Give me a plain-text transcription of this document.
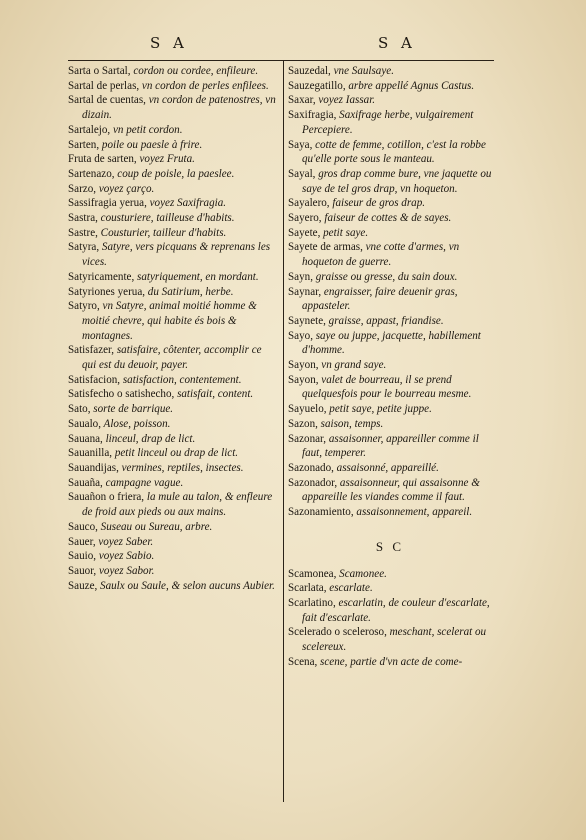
S A	S A
Sarta o Sartal, cordon ou cordee, enfileure.
Sartal de perlas, vn cordon de perles enfilees.
Sartal de cuentas, vn cordon de patenostres, vn dizain.
Sartalejo, vn petit cordon.
Sarten, poile ou paesle à frire.
Fruta de sarten, voyez Fruta.
Sartenazo, coup de poisle, la paeslee.
Sarzo, voyez çarço.
Sassifragia yerua, voyez Saxifragia.
Sastra, cousturiere, tailleuse d'habits.
Sastre, Cousturier, tailleur d'habits.
Satyra, Satyre, vers picquans & reprenans les vices.
Satyricamente, satyriquement, en mordant.
Satyriones yerua, du Satirium, herbe.
Satyro, vn Satyre, animal moitié homme & moitié chevre, qui habite és bois & montagnes.
Satisfazer, satisfaire, côtenter, accomplir ce qui est du deuoir, payer.
Satisfacion, satisfaction, contentement.
Satisfecho o satishecho, satisfait, content.
Sato, sorte de barrique.
Saualo, Alose, poisson.
Sauana, linceul, drap de lict.
Sauanilla, petit linceul ou drap de lict.
Sauandijas, vermines, reptiles, insectes.
Sauaña, campagne vague.
Sauañon o friera, la mule au talon, & enfleure de froid aux pieds ou aux mains.
Sauco, Suseau ou Sureau, arbre.
Sauer, voyez Saber.
Sauio, voyez Sabio.
Sauor, voyez Sabor.
Sauze, Saulx ou Saule, & selon aucuns Aubier.
Sauzedal, vne Saulsaye.
Sauzegatillo, arbre appellé Agnus Castus.
Saxar, voyez Iassar.
Saxifragia, Saxifrage herbe, vulgairement Percepiere.
Saya, cotte de femme, cotillon, c'est la robbe qu'elle porte sous le manteau.
Sayal, gros drap comme bure, vne jaquette ou saye de tel gros drap, vn hoqueton.
Sayalero, faiseur de gros drap.
Sayero, faiseur de cottes & de sayes.
Sayete, petit saye.
Sayete de armas, vne cotte d'armes, vn hoqueton de guerre.
Sayn, graisse ou gresse, du sain doux.
Saynar, engraisser, faire deuenir gras, appasteler.
Saynete, graisse, appast, friandise.
Sayo, saye ou juppe, jacquette, habillement d'homme.
Sayon, vn grand saye.
Sayon, valet de bourreau, il se prend quelquesfois pour le bourreau mesme.
Sayuelo, petit saye, petite juppe.
Sazon, saison, temps.
Sazonar, assaisonner, appareiller comme il faut, temperer.
Sazonado, assaisonné, appareillé.
Sazonador, assaisonneur, qui assaisonne & appareille les viandes comme il faut.
Sazonamiento, assaisonnement, appareil.
S C
Scamonea, Scamonee.
Scarlata, escarlate.
Scarlatino, escarlatin, de couleur d'escarlate, fait d'escarlate.
Scelerado o sceleroso, meschant, scelerat ou scelereux.
Scena, scene, partie d'vn acte de come-
